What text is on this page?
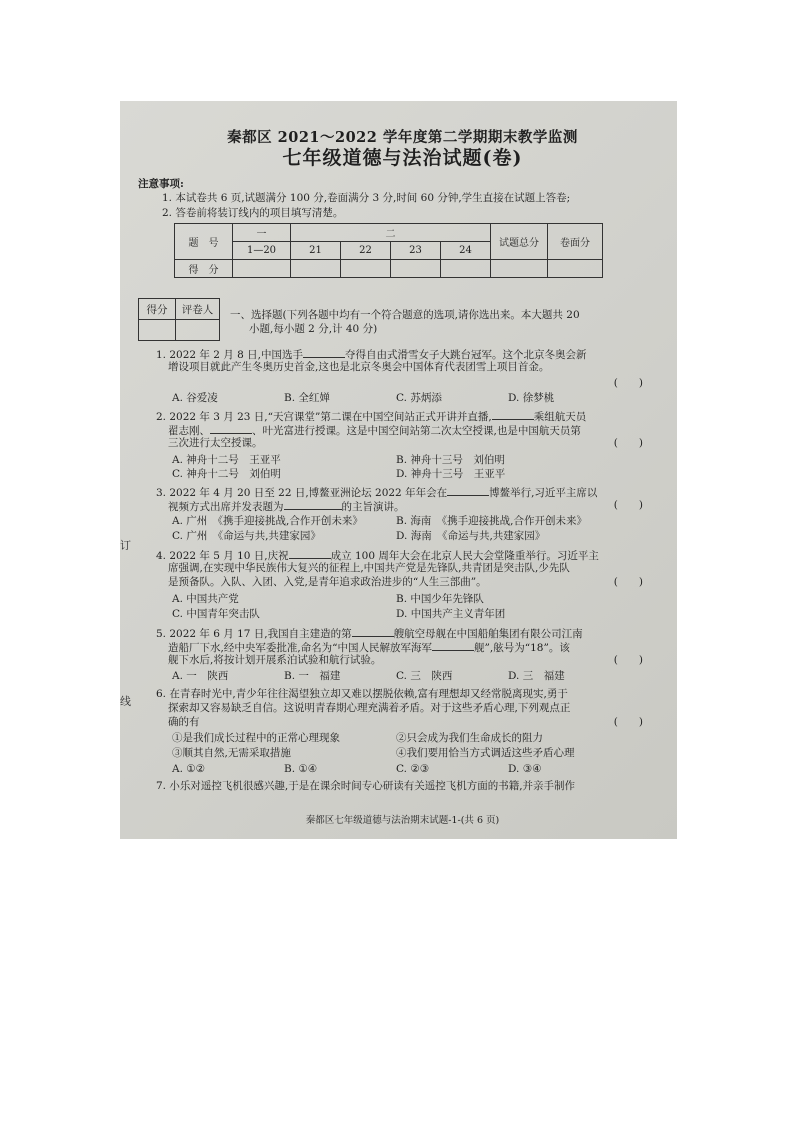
秦都区 2021～2022 学年度第二学期期末教学监测
七年级道德与法治试题(卷)
注意事项:
1. 本试卷共 6 页,试题满分 100 分,卷面满分 3 分,时间 60 分钟,学生直接在试题上答卷;
2. 答卷前将装订线内的项目填写清楚。
题　号	一	二				试题总分	卷面分
	1—20	21	22	23	24		
得　分							
得分	评卷人
	一、选择题(下列各题中均有一个符合题意的选项,请你选出来。本大题共 20
小题,每小题 2 分,计 40 分)
1. 2022 年 2 月 8 日,中国选手	夺得自由式滑雪女子大跳台冠军。这个北京冬奥会新
增设项目就此产生冬奥历史首金,这也是北京冬奥会中国体育代表团雪上项目首金。
(　　)
A. 谷爱凌	B. 全红婵	C. 苏炳添	D. 徐梦桃
2. 2022 年 3 月 23 日,“天宫课堂”第二课在中国空间站正式开讲并直播,	乘组航天员
翟志刚、	、叶光富进行授课。这是中国空间站第二次太空授课,也是中国航天员第
三次进行太空授课。	(　　)
A. 神舟十二号　王亚平	B. 神舟十三号　刘伯明
C. 神舟十二号　刘伯明	D. 神舟十三号　王亚平
3. 2022 年 4 月 20 日至 22 日,博鳌亚洲论坛 2022 年年会在	博鳌举行,习近平主席以
视频方式出席并发表题为	的主旨演讲。	(　　)
A. 广州　《携手迎接挑战,合作开创未来》	B. 海南　《携手迎接挑战,合作开创未来》
C. 广州　《命运与共,共建家园》	D. 海南　《命运与共,共建家园》
4. 2022 年 5 月 10 日,庆祝	成立 100 周年大会在北京人民大会堂隆重举行。习近平主
席强调,在实现中华民族伟大复兴的征程上,中国共产党是先锋队,共青团是突击队,少先队
是预备队。入队、入团、入党,是青年追求政治进步的“人生三部曲”。	(　　)
A. 中国共产党	B. 中国少年先锋队
C. 中国青年突击队	D. 中国共产主义青年团
5. 2022 年 6 月 17 日,我国自主建造的第	艘航空母舰在中国船舶集团有限公司江南
造船厂下水,经中央军委批准,命名为“中国人民解放军海军	舰”,舷号为“18”。该
舰下水后,将按计划开展系泊试验和航行试验。	(　　)
A. 一　陕西	B. 一　福建	C. 三　陕西	D. 三　福建
6. 在青春时光中,青少年往往渴望独立却又难以摆脱依赖,富有理想却又经常脱离现实,勇于
探索却又容易缺乏自信。这说明青春期心理充满着矛盾。对于这些矛盾心理,下列观点正
确的有	(　　)
①是我们成长过程中的正常心理现象	②只会成为我们生命成长的阻力
③顺其自然,无需采取措施	④我们要用恰当方式调适这些矛盾心理
A. ①②	B. ①④	C. ②③	D. ③④
7. 小乐对遥控飞机很感兴趣,于是在课余时间专心研读有关遥控飞机方面的书籍,并亲手制作
秦都区七年级道德与法治期末试题-1-(共 6 页)
订
线
